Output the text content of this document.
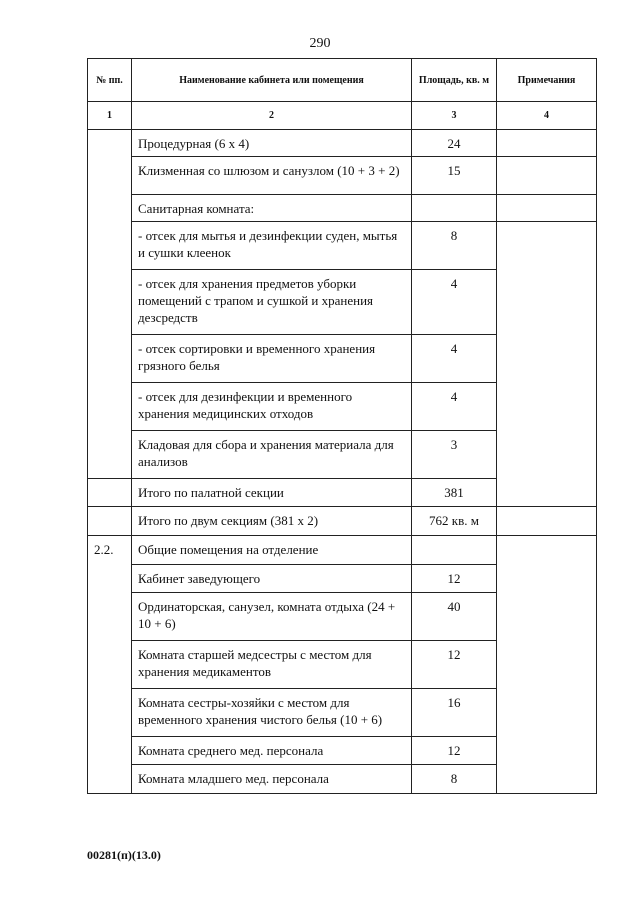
290
№ пп.	Наименование кабинета или помещения	Площадь, кв. м	Примечания
1	2	3	4
	Процедурная (6 х 4)	24	
	Клизменная со шлюзом и санузлом (10 + 3 + 2)	15	
	Санитарная комната:		
	- отсек для мытья и дезинфекции суден, мытья и сушки клеенок	8	
	- отсек для хранения предметов уборки помещений с трапом и сушкой и хранения дезсредств	4	
	- отсек сортировки и временного хранения грязного белья	4	
	- отсек для дезинфекции и временного хранения медицинских отходов	4	
	Кладовая для сбора и хранения материала для анализов	3	
	Итого по палатной секции	381	
	Итого по двум секциям (381 х 2)	762 кв. м	
2.2.	Общие помещения на отделение		
	Кабинет заведующего	12	
	Ординаторская, санузел, комната отдыха (24 + 10 + 6)	40	
	Комната старшей медсестры с местом для хранения медикаментов	12	
	Комната сестры-хозяйки с местом для временного хранения чистого белья (10 + 6)	16	
	Комната среднего мед. персонала	12	
	Комната младшего мед. персонала	8	
00281(п)(13.0)
